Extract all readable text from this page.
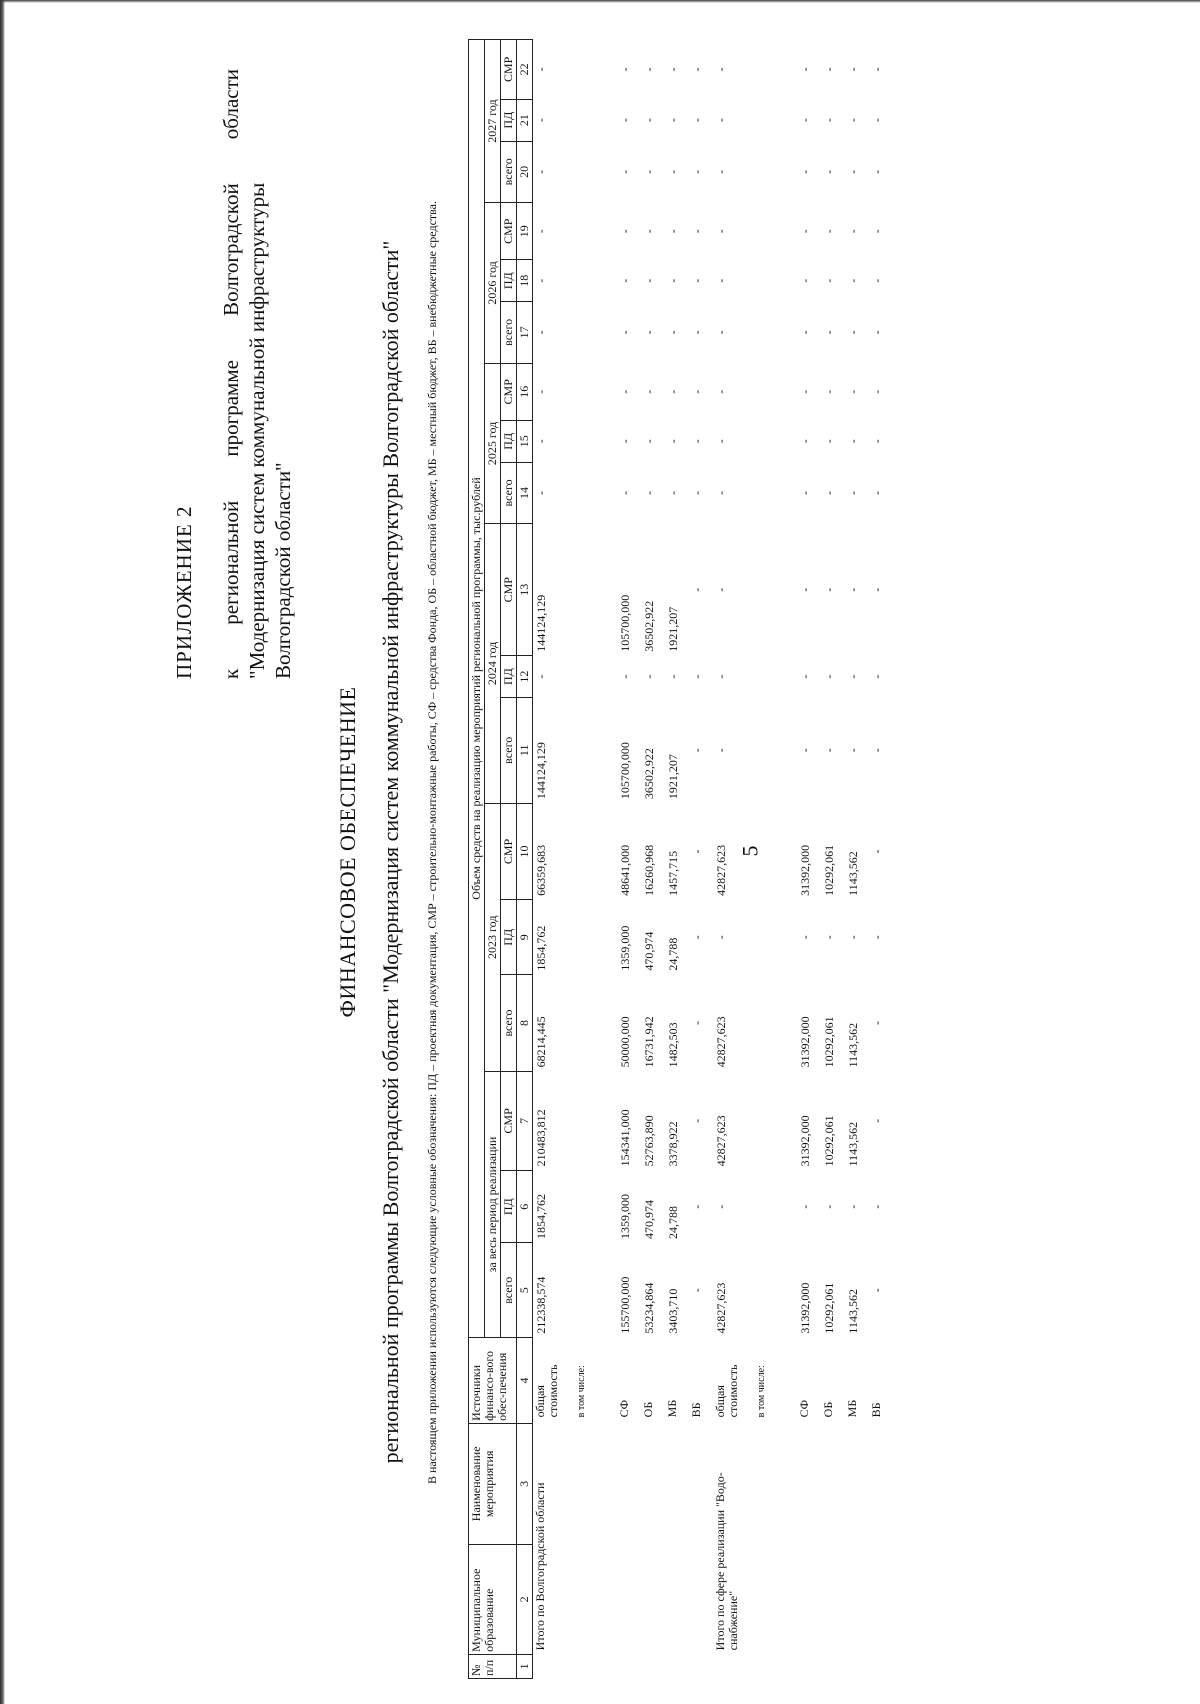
5
ПРИЛОЖЕНИЕ 2 к
региональной
программе
Волгоградской
области
"Модернизация систем коммунальной инфраструктуры Волгоградской области"
ФИНАНСОВОЕ ОБЕСПЕЧЕНИЕ региональной программы Волгоградской области "Модернизация систем коммунальной инфраструктуры Волгоградской области" В настоящем приложении используются следующие условные обозначения: ПД – проектная документация, СМР – строительно-монтажные работы, СФ – средства Фонда, ОБ – областной бюджет, МБ – местный бюджет, ВБ – внебюджетные средства.
№ п/п	Муниципальное образование	Наименование мероприятия	Источники финансо-вого обес-печения	Объем средств на реализацию мероприятий региональной программы, тыс.рублей																	
				за весь период реализации			2023 год			2024 год			2025 год			2026 год			2027 год		
				всего	ПД	СМР	всего	ПД	СМР	всего	ПД	СМР	всего	ПД	СМР	всего	ПД	СМР	всего	ПД	СМР
1	2	3	4	5	6	7	8	9	10	11	12	13	14	15	16	17	18	19	20	21	22
	Итого по Волгоградской области		общая стоимость	212338,574	1854,762	210483,812	68214,445	1854,762	66359,683	144124,129	-	144124,129	-	-	-	-	-	-	-	-	-
			в том числе:																		
			СФ	155700,000	1359,000	154341,000	50000,000	1359,000	48641,000	105700,000	-	105700,000	-	-	-	-	-	-	-	-	-
			ОБ	53234,864	470,974	52763,890	16731,942	470,974	16260,968	36502,922	-	36502,922	-	-	-	-	-	-	-	-	-
			МБ	3403,710	24,788	3378,922	1482,503	24,788	1457,715	1921,207	-	1921,207	-	-	-	-	-	-	-	-	-
			ВБ	-	-	-	-	-	-	-	-	-	-	-	-	-	-	-	-	-	-
	Итого по сфере реализации "Водо-снабжение"		общая стоимость	42827,623	-	42827,623	42827,623	-	42827,623	-	-	-	-	-	-	-	-	-	-	-	-
			в том числе:																		
			СФ	31392,000	-	31392,000	31392,000	-	31392,000	-	-	-	-	-	-	-	-	-	-	-	-
			ОБ	10292,061	-	10292,061	10292,061	-	10292,061	-	-	-	-	-	-	-	-	-	-	-	-
			МБ	1143,562	-	1143,562	1143,562	-	1143,562	-	-	-	-	-	-	-	-	-	-	-	-
			ВБ	-	-	-	-	-	-	-	-	-	-	-	-	-	-	-	-	-	-
